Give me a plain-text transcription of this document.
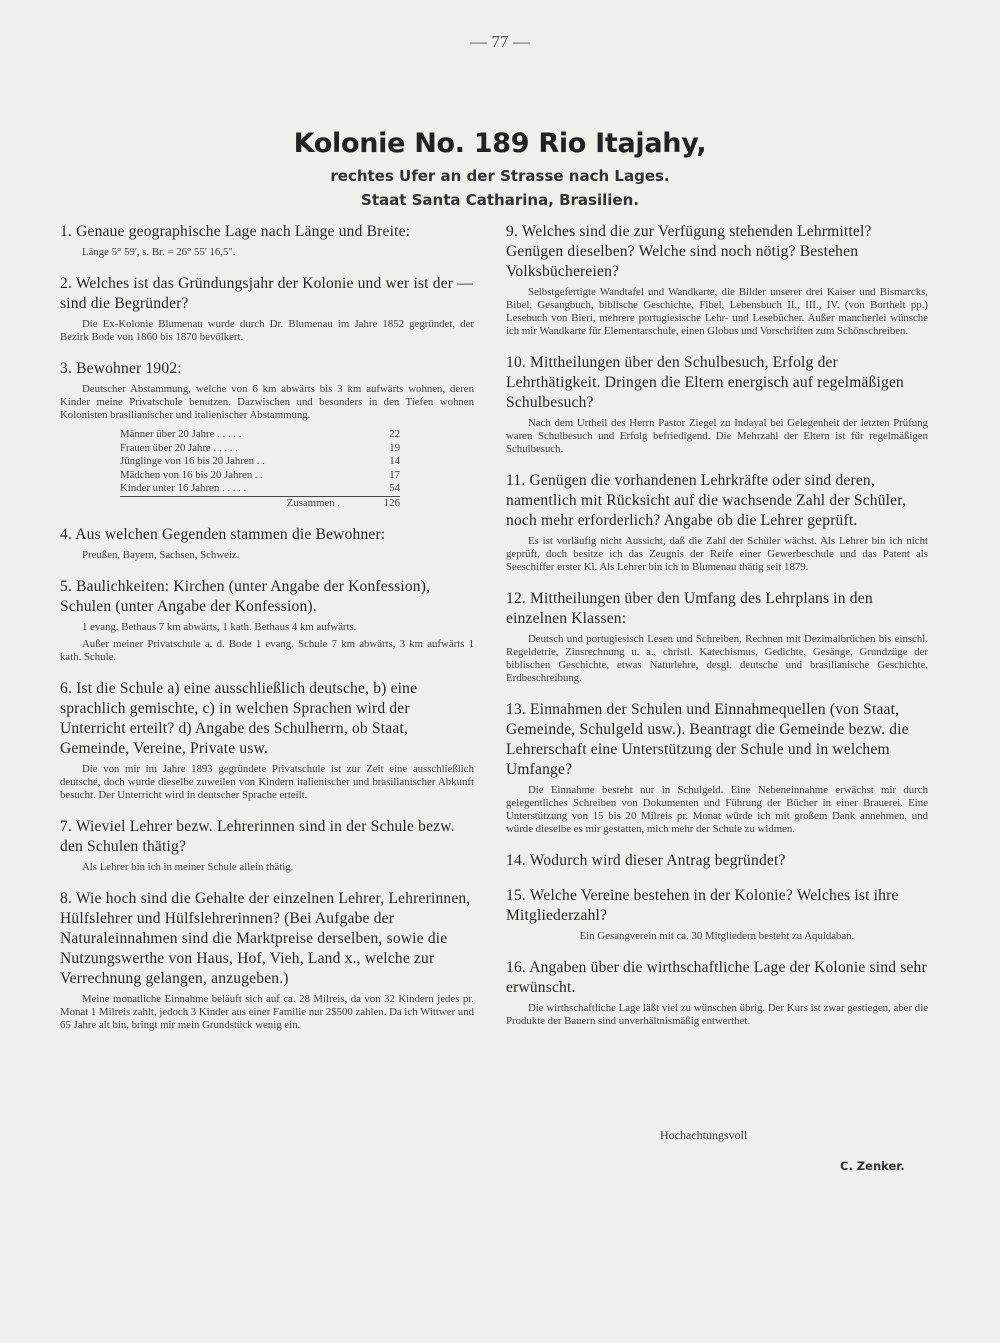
— 77 —
Kolonie No. 189 Rio Itajahy,
rechtes Ufer an der Strasse nach Lages.
Staat Santa Catharina, Brasilien.

1. Genaue geographische Lage nach Länge und Breite:

Länge 5° 59', s. Br. = 26° 55' 16,5".

2. Welches ist das Gründungsjahr der Kolonie und wer ist der — sind die Begründer?

Die Ex-Kolonie Blumenau wurde durch Dr. Blumenau im Jahre 1852 gegründet, der Bezirk Bode von 1860 bis 1870 bevölkert.

3. Bewohner 1902:

Deutscher Abstammung, welche von 6 km abwärts bis 3 km aufwärts wohnen, deren Kinder meine Privatschule benutzen. Dazwischen und besonders in den Tiefen wohnen Kolonisten brasilianischer und italienischer Abstammung.

Männer über 20 Jahre . . . . .	22
Frauen über 20 Jahre . . . . .	19
Jünglinge von 16 bis 20 Jahren . .	14
Mädchen von 16 bis 20 Jahren . .	17
Kinder unter 16 Jahren . . . . .	54
Zusammen .	126

4. Aus welchen Gegenden stammen die Bewohner:

Preußen, Bayern, Sachsen, Schweiz.

5. Baulichkeiten: Kirchen (unter Angabe der Konfession), Schulen (unter Angabe der Konfession).

1 evang. Bethaus 7 km abwärts, 1 kath. Bethaus 4 km aufwärts.

Außer meiner Privatschule a. d. Bode 1 evang. Schule 7 km abwärts, 3 km aufwärts 1 kath. Schule.

6. Ist die Schule a) eine ausschließlich deutsche, b) eine sprachlich gemischte, c) in welchen Sprachen wird der Unterricht erteilt? d) Angabe des Schulherrn, ob Staat, Gemeinde, Vereine, Private usw.

Die von mir im Jahre 1893 gegründete Privatschule ist zur Zeit eine ausschließlich deutsche, doch wurde dieselbe zuweilen von Kindern italienischer und brasilianischer Abkunft besucht. Der Unterricht wird in deutscher Sprache erteilt.

7. Wieviel Lehrer bezw. Lehrerinnen sind in der Schule bezw. den Schulen thätig?

Als Lehrer bin ich in meiner Schule allein thätig.

8. Wie hoch sind die Gehalte der einzelnen Lehrer, Lehrerinnen, Hülfslehrer und Hülfslehrerinnen? (Bei Aufgabe der Naturaleinnahmen sind die Marktpreise derselben, sowie die Nutzungswerthe von Haus, Hof, Vieh, Land x., welche zur Verrechnung gelangen, anzugeben.)

Meine monatliche Einnahme beläuft sich auf ca. 28 Milreis, da von 32 Kindern jedes pr. Monat 1 Milreis zahlt, jedoch 3 Kinder aus einer Familie nur 2$500 zahlen. Da ich Wittwer und 65 Jahre alt bin, bringt mir mein Grundstück wenig ein.

9. Welches sind die zur Verfügung stehenden Lehrmittel? Genügen dieselben? Welche sind noch nötig? Bestehen Volksbüchereien?

Selbstgefertigte Wandtafel und Wandkarte, die Bilder unserer drei Kaiser und Bismarcks, Bibel, Gesangbuch, biblische Geschichte, Fibel, Lebensbuch II., III., IV. (von Borthelt pp.) Lesebuch von Bieri, mehrere portugiesische Lehr- und Lesebücher. Außer mancherlei wünsche ich mir Wandkarte für Elementarschule, einen Globus und Vorschriften zum Schönschreiben.

10. Mittheilungen über den Schulbesuch, Erfolg der Lehrthätigkeit. Dringen die Eltern energisch auf regelmäßigen Schulbesuch?

Nach dem Urtheil des Herrn Pastor Ziegel zu Indayal bei Gelegenheit der letzten Prüfung waren Schulbesuch und Erfolg befriedigend. Die Mehrzahl der Eltern ist für regelmäßigen Schulbesuch.

11. Genügen die vorhandenen Lehrkräfte oder sind deren, namentlich mit Rücksicht auf die wachsende Zahl der Schüler, noch mehr erforderlich? Angabe ob die Lehrer geprüft.

Es ist vorläufig nicht Aussicht, daß die Zahl der Schüler wächst. Als Lehrer bin ich nicht geprüft, doch besitze ich das Zeugnis der Reife einer Gewerbeschule und das Patent als Seeschiffer erster Kl. Als Lehrer bin ich in Blumenau thätig seit 1879.

12. Mittheilungen über den Umfang des Lehrplans in den einzelnen Klassen:

Deutsch und portugiesisch Lesen und Schreiben, Rechnen mit Dezimalbrüchen bis einschl. Regeldetrie, Zinsrechnung u. a., christl. Katechismus, Gedichte, Gesänge, Grundzüge der biblischen Geschichte, etwas Naturlehre, desgl. deutsche und brasilianische Geschichte, Erdbeschreibung.

13. Einnahmen der Schulen und Einnahmequellen (von Staat, Gemeinde, Schulgeld usw.). Beantragt die Gemeinde bezw. die Lehrerschaft eine Unterstützung der Schule und in welchem Umfange?

Die Einnahme besteht nur in Schulgeld. Eine Nebeneinnahme erwächst mir durch gelegentliches Schreiben von Dokumenten und Führung der Bücher in einer Brauerei. Eine Unterstützung von 15 bis 20 Milreis pr. Monat würde ich mit großem Dank annehmen, und würde dieselbe es mir gestatten, mich mehr der Schule zu widmen.

14. Wodurch wird dieser Antrag begründet?

15. Welche Vereine bestehen in der Kolonie? Welches ist ihre Mitgliederzahl?

Ein Gesangverein mit ca. 30 Mitgliedern besteht zu Aquidaban.

16. Angaben über die wirthschaftliche Lage der Kolonie sind sehr erwünscht.

Die wirthschaftliche Lage läßt viel zu wünschen übrig. Der Kurs ist zwar gestiegen, aber die Produkte der Bauern sind unverhältnismäßig entwerthet.

Hochachtungsvoll
C. Zenker.
